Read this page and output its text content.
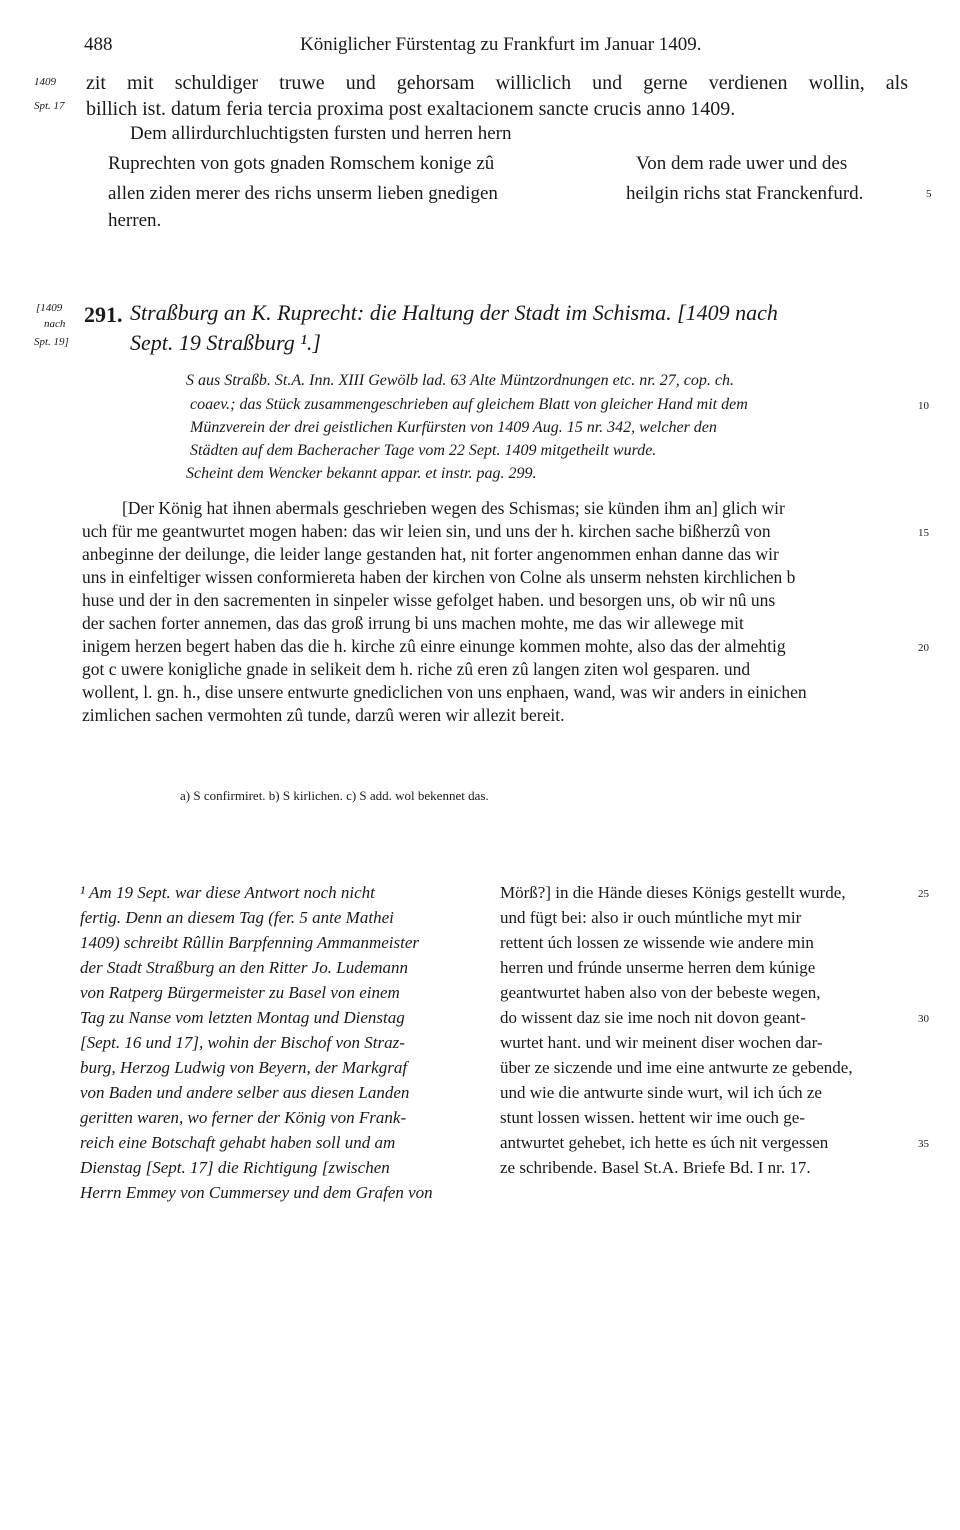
488	Königlicher Fürstentag zu Frankfurt im Januar 1409.
1409
Spt. 17
zit mit schuldiger truwe und gehorsam williclich und gerne verdienen wollin, als
billich ist. datum feria tercia proxima post exaltacionem sancte crucis anno 1409.
Dem allirdurchluchtigsten fursten und herren hern
Ruprechten von gots gnaden Romschem konige zû
allen ziden merer des richs unserm lieben gnedigen
herren.
Von dem rade uwer und des
heilgin richs stat Franckenfurd.	5
[1409
nach
Spt. 19]
291. Straßburg an K. Ruprecht: die Haltung der Stadt im Schisma. [1409 nach
Sept. 19 Straßburg ¹.]
S aus Straßb. St.A. Inn. XIII Gewölb lad. 63 Alte Müntzordnungen etc. nr. 27, cop. ch.
coaev.; das Stück zusammengeschrieben auf gleichem Blatt von gleicher Hand mit dem
Münzverein der drei geistlichen Kurfürsten von 1409 Aug. 15 nr. 342, welcher den
Städten auf dem Bacheracher Tage vom 22 Sept. 1409 mitgetheilt wurde.
Scheint dem Wencker bekannt appar. et instr. pag. 299.
10
[Der König hat ihnen abermals geschrieben wegen des Schismas; sie künden ihm an] glich wir
uch für me geantwurtet mogen haben: das wir leien sin, und uns der h. kirchen sache bißherzû von
anbeginne der deilunge, die leider lange gestanden hat, nit forter angenommen enhan danne das wir
uns in einfeltiger wissen conformiereta haben der kirchen von Colne als unserm nehsten kirchlichen b
huse und der in den sacrementen in sinpeler wisse gefolget haben. und besorgen uns, ob wir nû uns
der sachen forter annemen, das das groß irrung bi uns machen mohte, me das wir allewege mit
inigem herzen begert haben das die h. kirche zû einre einunge kommen mohte, also das der almehtig
got c uwere konigliche gnade in selikeit dem h. riche zû eren zû langen ziten wol gesparen. und
wollent, l. gn. h., dise unsere entwurte gnediclichen von uns enphaen, wand, was wir anders in einichen
zimlichen sachen vermohten zû tunde, darzû weren wir allezit bereit.
15
20
a) S confirmiret. b) S kirlichen. c) S add. wol bekennet das.
¹ Am 19 Sept. war diese Antwort noch nicht
fertig. Denn an diesem Tag (fer. 5 ante Mathei
1409) schreibt Rûllin Barpfenning Ammanmeister
der Stadt Straßburg an den Ritter Jo. Ludemann
von Ratperg Bürgermeister zu Basel von einem
Tag zu Nanse vom letzten Montag und Dienstag
[Sept. 16 und 17], wohin der Bischof von Straz-
burg, Herzog Ludwig von Beyern, der Markgraf
von Baden und andere selber aus diesen Landen
geritten waren, wo ferner der König von Frank-
reich eine Botschaft gehabt haben soll und am
Dienstag [Sept. 17] die Richtigung [zwischen
Herrn Emmey von Cummersey und dem Grafen von
Mörß?] in die Hände dieses Königs gestellt wurde,
und fügt bei: also ir ouch múntliche myt mir
rettent úch lossen ze wissende wie andere min
herren und frúnde unserme herren dem kúnige
geantwurtet haben also von der bebeste wegen,
do wissent daz sie ime noch nit dovon geant-
wurtet hant. und wir meinent diser wochen dar-
über ze siczende und ime eine antwurte ze gebende,
und wie die antwurte sinde wurt, wil ich úch ze
stunt lossen wissen. hettent wir ime ouch ge-
antwurtet gehebet, ich hette es úch nit vergessen
ze schribende. Basel St.A. Briefe Bd. I nr. 17.
25
30
35
